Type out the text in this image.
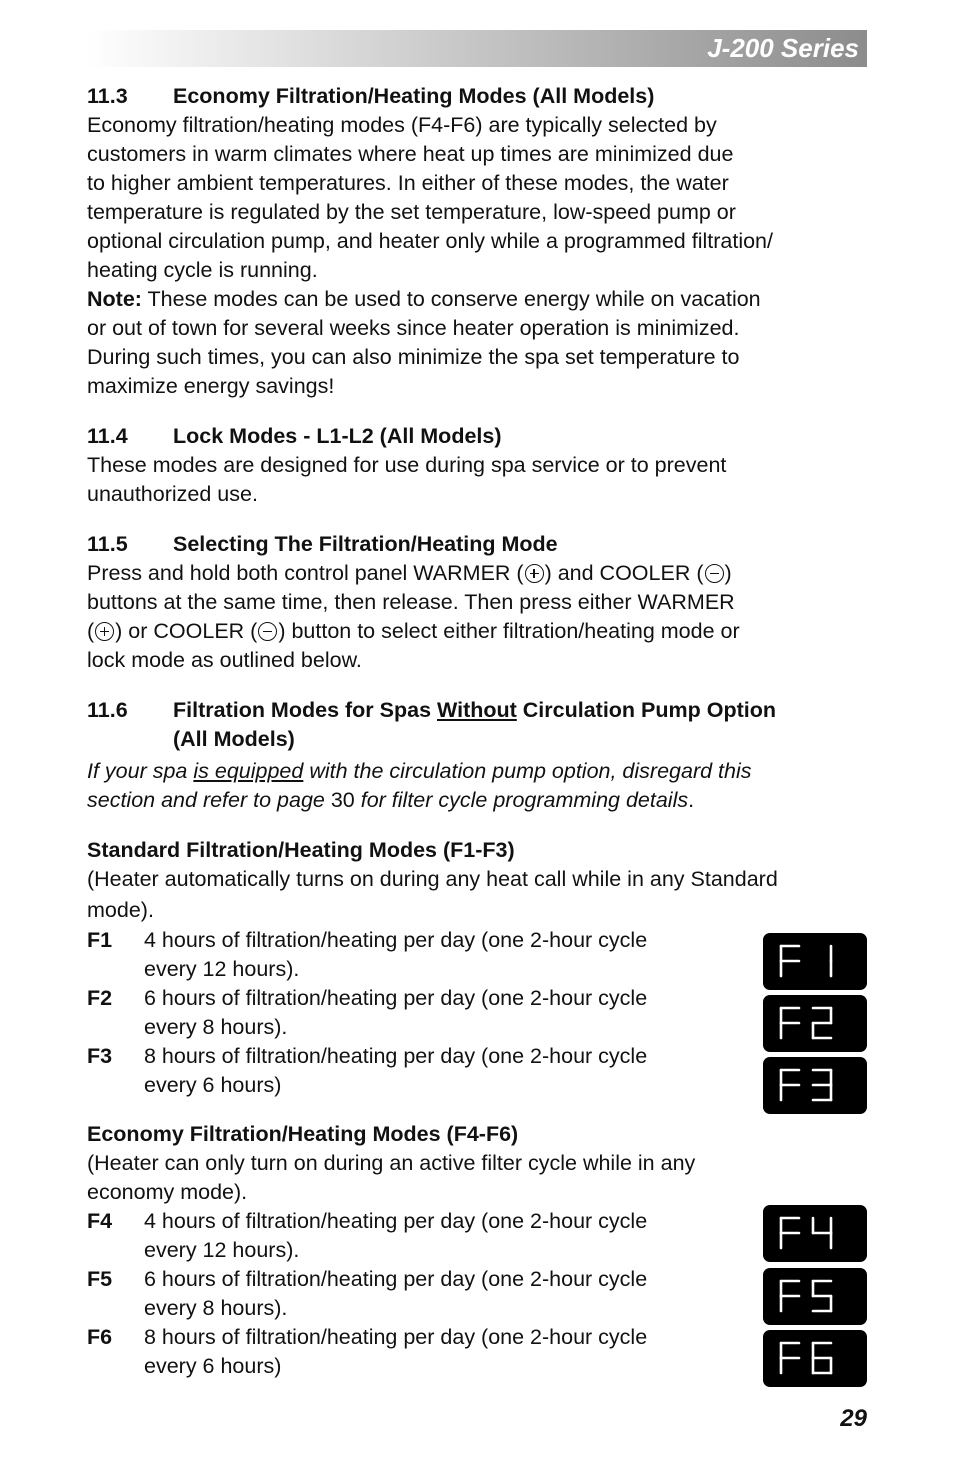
J-200 Series
11.3	Economy Filtration/Heating Modes (All Models)

Economy filtration/heating modes (F4-F6) are typically selected by
customers in warm climates where heat up times are minimized due
to higher ambient temperatures. In either of these modes, the water
temperature is regulated by the set temperature, low-speed pump or
optional circulation pump, and heater only while a programmed filtration/
heating cycle is running.

Note: These modes can be used to conserve energy while on vacation
or out of town for several weeks since heater operation is minimized.
During such times, you can also minimize the spa set temperature to
maximize energy savings!

11.4	Lock Modes - L1-L2 (All Models)

These modes are designed for use during spa service or to prevent
unauthorized use.

11.5	Selecting The Filtration/Heating Mode

Press and hold both control panel WARMER ( ) and COOLER ( )
buttons at the same time, then release. Then press either WARMER
( ) or COOLER ( ) button to select either filtration/heating mode or
lock mode as outlined below.

11.6	Filtration Modes for Spas Without Circulation Pump Option
(All Models)

If your spa is equipped with the circulation pump option, disregard this
section and refer to page 30 for filter cycle programming details.

Standard Filtration/Heating Modes (F1-F3)

(Heater automatically turns on during any heat call while in any Standard
mode).

F1	4 hours of filtration/heating per day (one 2-hour cycle
every 12 hours).
F2	6 hours of filtration/heating per day (one 2-hour cycle
every 8 hours).
F3	8 hours of filtration/heating per day (one 2-hour cycle
every 6 hours)
Economy Filtration/Heating Modes (F4-F6)

(Heater can only turn on during an active filter cycle while in any
economy mode).

F4	4 hours of filtration/heating per day (one 2-hour cycle
every 12 hours).
F5	6 hours of filtration/heating per day (one 2-hour cycle
every 8 hours).
F6	8 hours of filtration/heating per day (one 2-hour cycle
every 6 hours)
29
